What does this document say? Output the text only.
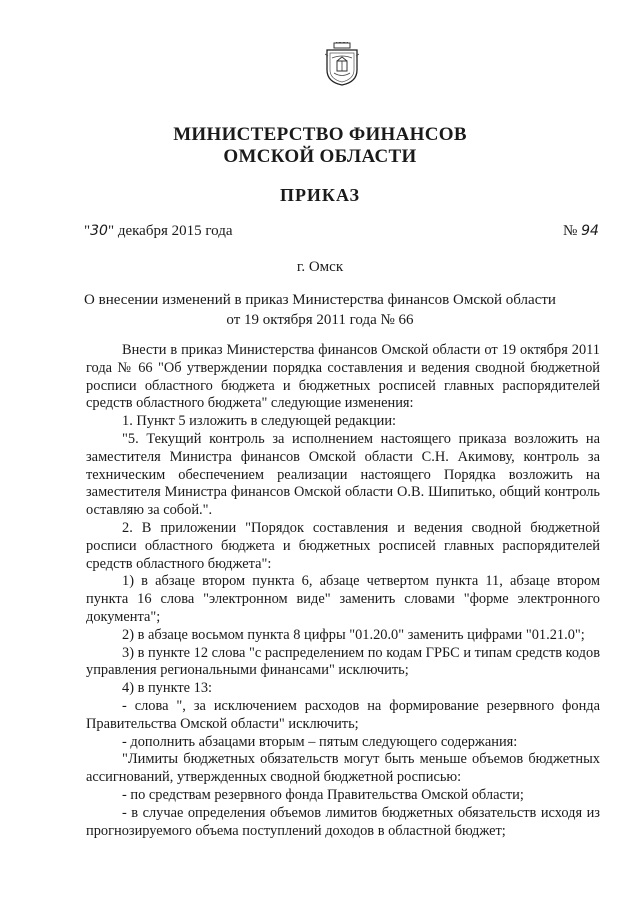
МИНИСТЕРСТВО ФИНАНСОВ
ОМСКОЙ ОБЛАСТИ
ПРИКАЗ
"30" декабря 2015 года	№ 94
г. Омск
О внесении изменений в приказ Министерства финансов Омской области
от 19 октября 2011 года № 66

Внести в приказ Министерства финансов Омской области от 19 октября 2011 года № 66 "Об утверждении порядка составления и ведения сводной бюджетной росписи областного бюджета и бюджетных росписей главных распорядителей средств областного бюджета" следующие изменения:

1. Пункт 5 изложить в следующей редакции:

"5. Текущий контроль за исполнением настоящего приказа возложить на заместителя Министра финансов Омской области С.Н. Акимову, контроль за техническим обеспечением реализации настоящего Порядка возложить на заместителя Министра финансов Омской области О.В. Шипитько, общий контроль оставляю за собой.".

2. В приложении "Порядок составления и ведения сводной бюджетной росписи областного бюджета и бюджетных росписей главных распорядителей средств областного бюджета":

1) в абзаце втором пункта 6, абзаце четвертом пункта 11, абзаце втором пункта 16 слова "электронном виде" заменить словами "форме электронного документа";

2) в абзаце восьмом пункта 8 цифры "01.20.0" заменить цифрами "01.21.0";

3) в пункте 12 слова "с распределением по кодам ГРБС и типам средств кодов управления региональными финансами" исключить;

4) в пункте 13:

- слова ", за исключением расходов на формирование резервного фонда Правительства Омской области" исключить;

- дополнить абзацами вторым – пятым следующего содержания:

"Лимиты бюджетных обязательств могут быть меньше объемов бюджетных ассигнований, утвержденных сводной бюджетной росписью:

- по средствам резервного фонда Правительства Омской области;

- в случае определения объемов лимитов бюджетных обязательств исходя из прогнозируемого объема поступлений доходов в областной бюджет;
